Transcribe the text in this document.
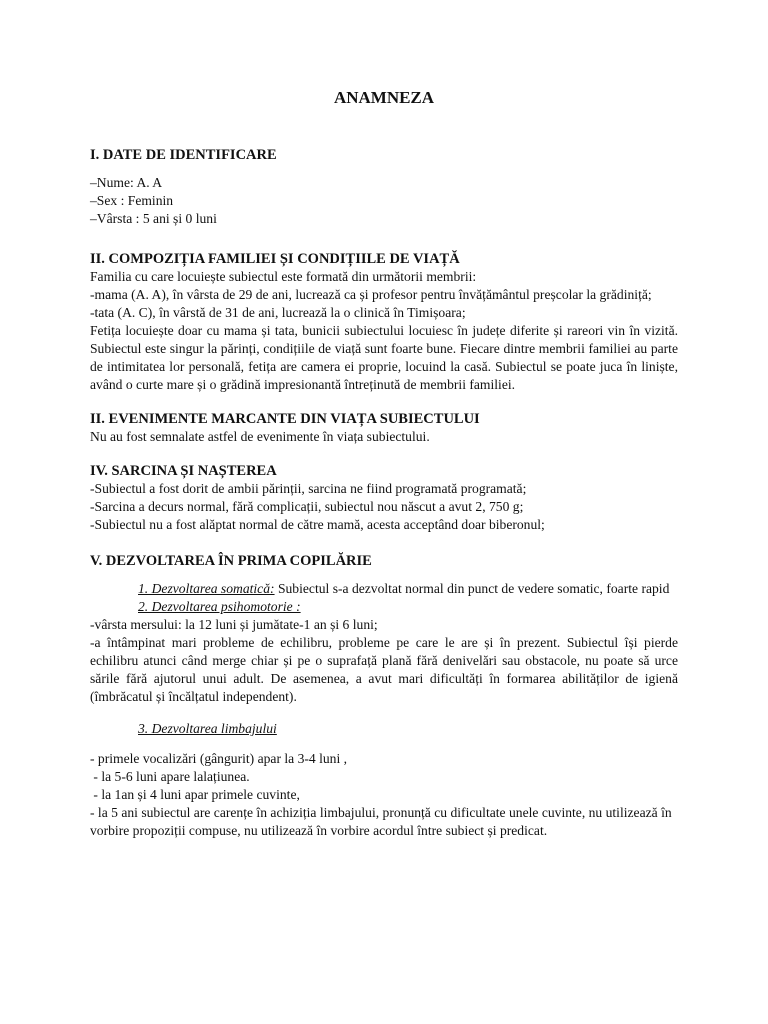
ANAMNEZA
I. DATE DE IDENTIFICARE

–Nume: A. A

–Sex : Feminin

–Vârsta : 5 ani și 0 luni

II. COMPOZIȚIA FAMILIEI ȘI CONDIȚIILE DE VIAȚĂ

Familia cu care locuiește subiectul este formată din următorii membrii:

-mama (A. A), în vârsta de 29 de ani, lucrează ca și profesor pentru învățământul preșcolar la grădiniță;

-tata (A. C), în vârstă de 31 de ani, lucrează la o clinică în Timișoara;

Fetița locuiește doar cu mama și tata, bunicii subiectului locuiesc în județe diferite și rareori vin în vizită. Subiectul este singur la părinți, condițiile de viață sunt foarte bune. Fiecare dintre membrii familiei au parte de intimitatea lor personală, fetița are camera ei proprie, locuind la casă. Subiectul se poate juca în liniște, având o curte mare și o grădină impresionantă întreținută de membrii familiei.

II. EVENIMENTE MARCANTE DIN VIAȚA SUBIECTULUI

Nu au fost semnalate astfel de evenimente în viața subiectului.

IV. SARCINA ȘI NAȘTEREA

-Subiectul a fost dorit de ambii părinții, sarcina ne fiind programată programată;

-Sarcina a decurs normal, fără complicații, subiectul nou născut a avut 2, 750 g;

-Subiectul nu a fost alăptat normal de către mamă, acesta acceptând doar biberonul;

V. DEZVOLTAREA ÎN PRIMA COPILĂRIE

1. Dezvoltarea somatică: Subiectul s-a dezvoltat normal din punct de vedere somatic, foarte rapid

2. Dezvoltarea psihomotorie :

-vârsta mersului: la 12 luni și jumătate-1 an și 6 luni;

-a întâmpinat mari probleme de echilibru, probleme pe care le are și în prezent. Subiectul își pierde echilibru atunci când merge chiar și pe o suprafață plană fără denivelări sau obstacole, nu poate să urce sările fără ajutorul unui adult. De asemenea, a avut mari dificultăți în formarea abilităților de igienă (îmbrăcatul și încălțatul independent).

3. Dezvoltarea limbajului

- primele vocalizări (gângurit) apar la 3-4 luni ,

- la 5-6 luni apare lalațiunea.

- la 1an și 4 luni apar primele cuvinte,

- la 5 ani subiectul are carențe în achiziția limbajului, pronunță cu dificultate unele cuvinte, nu utilizează în vorbire propoziții compuse, nu utilizează în vorbire acordul între subiect și predicat.
